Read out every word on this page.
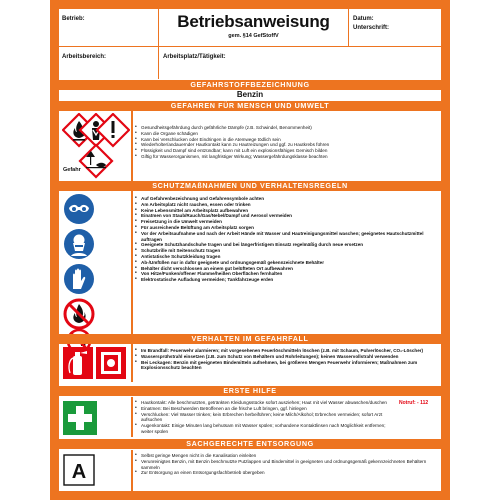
Betrieb:	Betriebsanweisung
gem. §14 GefStoffV
Datum:
Unterschrift:
Arbeitsbereich:	Arbeitsplatz/Tätigkeit:
GEFAHRSTOFFBEZEICHNUNG
Benzin
GEFAHREN FÜR MENSCH UND UMWELT
Gefahr
• Gesundheitsgefährdung durch gefährliche Dämpfe (z.B. Schwindel, Benommenheit)
• Kann die Organe schädigen
• Kann bei Verschlucken oder Eindringen in die Atemwege tödlich sein
• Wiederholter/andauernder Hautkontakt kann zu Hautreizungen und ggf. zu Hautkrebs führen
• Flüssigkeit und Dampf sind entzündbar; kann mit Luft ein explosionsfähiges Gemisch bilden
• Giftig für Wasserorganismen, mit langfristiger Wirkung; Wassergefährdungsklasse beachten
SCHUTZMAßNAHMEN UND VERHALTENSREGELN
• Auf Gefahrenbezeichnung und Gefahrensymbole achten
• Am Arbeitsplatz nicht rauchen, essen oder trinken
• Keine Lebensmittel am Arbeitsplatz aufbewahren
• Einatmen von Staub/Rauch/Gas/Nebel/Dampf und Aerosol vermeiden
• Freisetzung in die Umwelt vermeiden
• Für ausreichende Belüftung am Arbeitsplatz sorgen
• Vor der Arbeitsaufnahme und nach der Arbeit Hände mit Wasser und Hautreinigungsmittel waschen; geeignetes Hautschutzmittel auftragen
• Geeignete Schutzhandschuhe tragen und bei längerfristigem Einsatz regelmäßig durch neue ersetzen
• Schutzbrille mit Seitenschutz tragen
• Antistatische Schutzkleidung tragen
• Ab-/Umfüllen nur in dafür geeignete und ordnungsgemäß gekennzeichnete Behälter
• Behälter dicht verschlossen an einem gut belüfteten Ort aufbewahren
• Von Hitze/Funken/offener Flamme/heißen Oberflächen fernhalten
• Elektrostatische Aufladung vermeiden; Tankfahrzeuge erden
VERHALTEN IM GEFAHRFALL
• Im Brandfall: Feuerwehr alarmieren; mit vorgesehenen Feuerlöschmitteln löschen (z.B. mit Schaum, Pulverlöscher, CO₂-Löscher)
• Wassersprühstrahl einsetzen (z.B. zum Schutz von Behältern und Rohrleitungen); keinen Wasservollstrahl verwenden
• Bei Leckagen: Benzin mit geeigneten Bindemitteln aufnehmen, bei größeren Mengen Feuerwehr informieren; Maßnahmen zum Explosionsschutz beachten
ERSTE HILFE
• Hautkontakt: Alle beschmutzten, getränkten Kleidungsstücke sofort ausziehen; Haut mit viel Wasser abwaschen/duschen
• Einatmen: Bei Beschwerden Betroffenen an die frische Luft bringen, ggf. hinlegen
• Verschlucken: Viel Wasser trinken; kein Erbrechen herbeiführen; keine Milch/Alkohol; Erbrechen vermeiden; sofort Arzt aufsuchen
• Augenkontakt: Einige Minuten lang behutsam mit Wasser spülen; vorhandene Kontaktlinsen nach Möglichkeit entfernen; weiter spülen
Notruf: - 112
SACHGERECHTE ENTSORGUNG
A
• Selbst geringe Mengen nicht in die Kanalisation einleiten
• Verunreinigtes Benzin, mit Benzin beschmutzte Putzlappen und Bindemittel in geeigneten und ordnungsgemäß gekennzeichneten Behältern sammeln
• Zur Entsorgung an einen Entsorgungsfachbetrieb übergeben
